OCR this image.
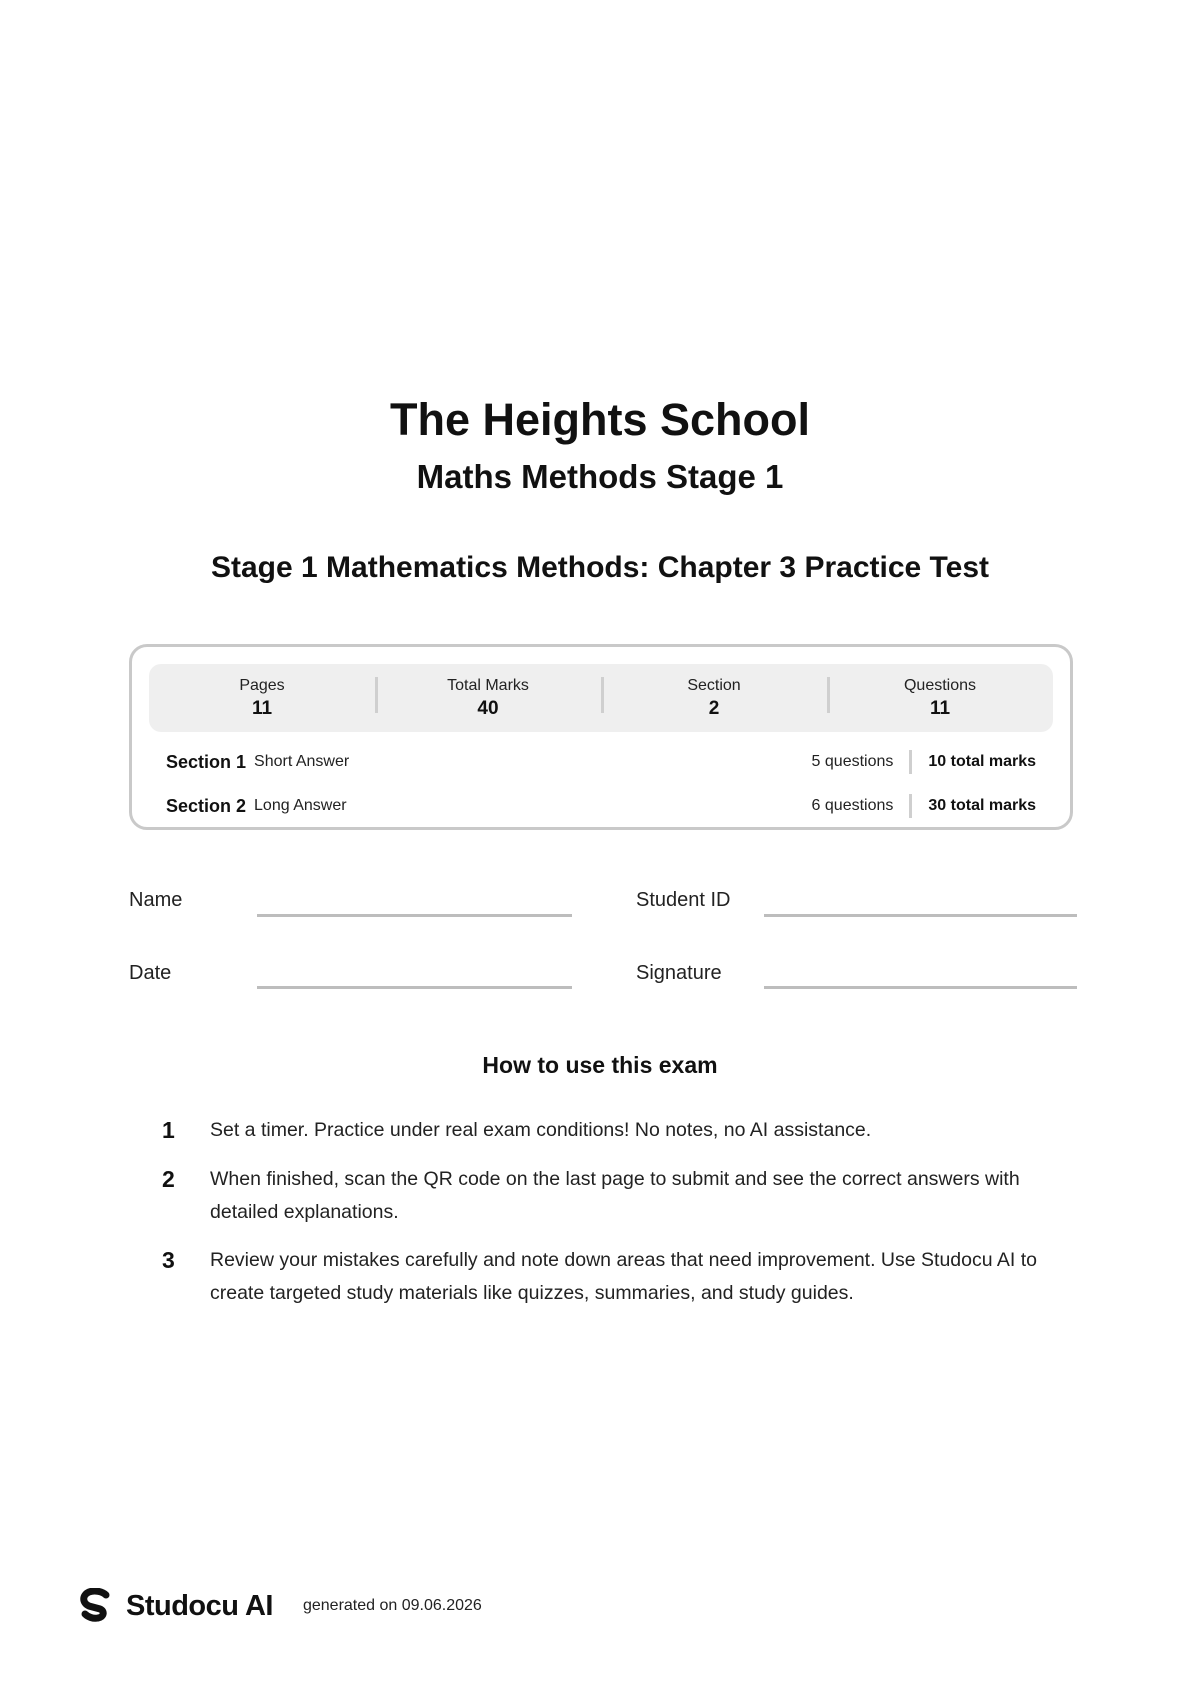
The Heights School
Maths Methods Stage 1
Stage 1 Mathematics Methods: Chapter 3 Practice Test
Pages
11
Total Marks
40
Section
2
Questions
11
Section 1 Short Answer	5 questions	10 total marks
Section 2 Long Answer	6 questions	30 total marks
Name	Student ID
Date	Signature
How to use this exam
1	Set a timer. Practice under real exam conditions! No notes, no AI assistance.
2	When finished, scan the QR code on the last page to submit and see the correct answers with detailed explanations.
3	Review your mistakes carefully and note down areas that need improvement. Use Studocu AI to create targeted study materials like quizzes, summaries, and study guides.
Studocu AI generated on 09.06.2026
